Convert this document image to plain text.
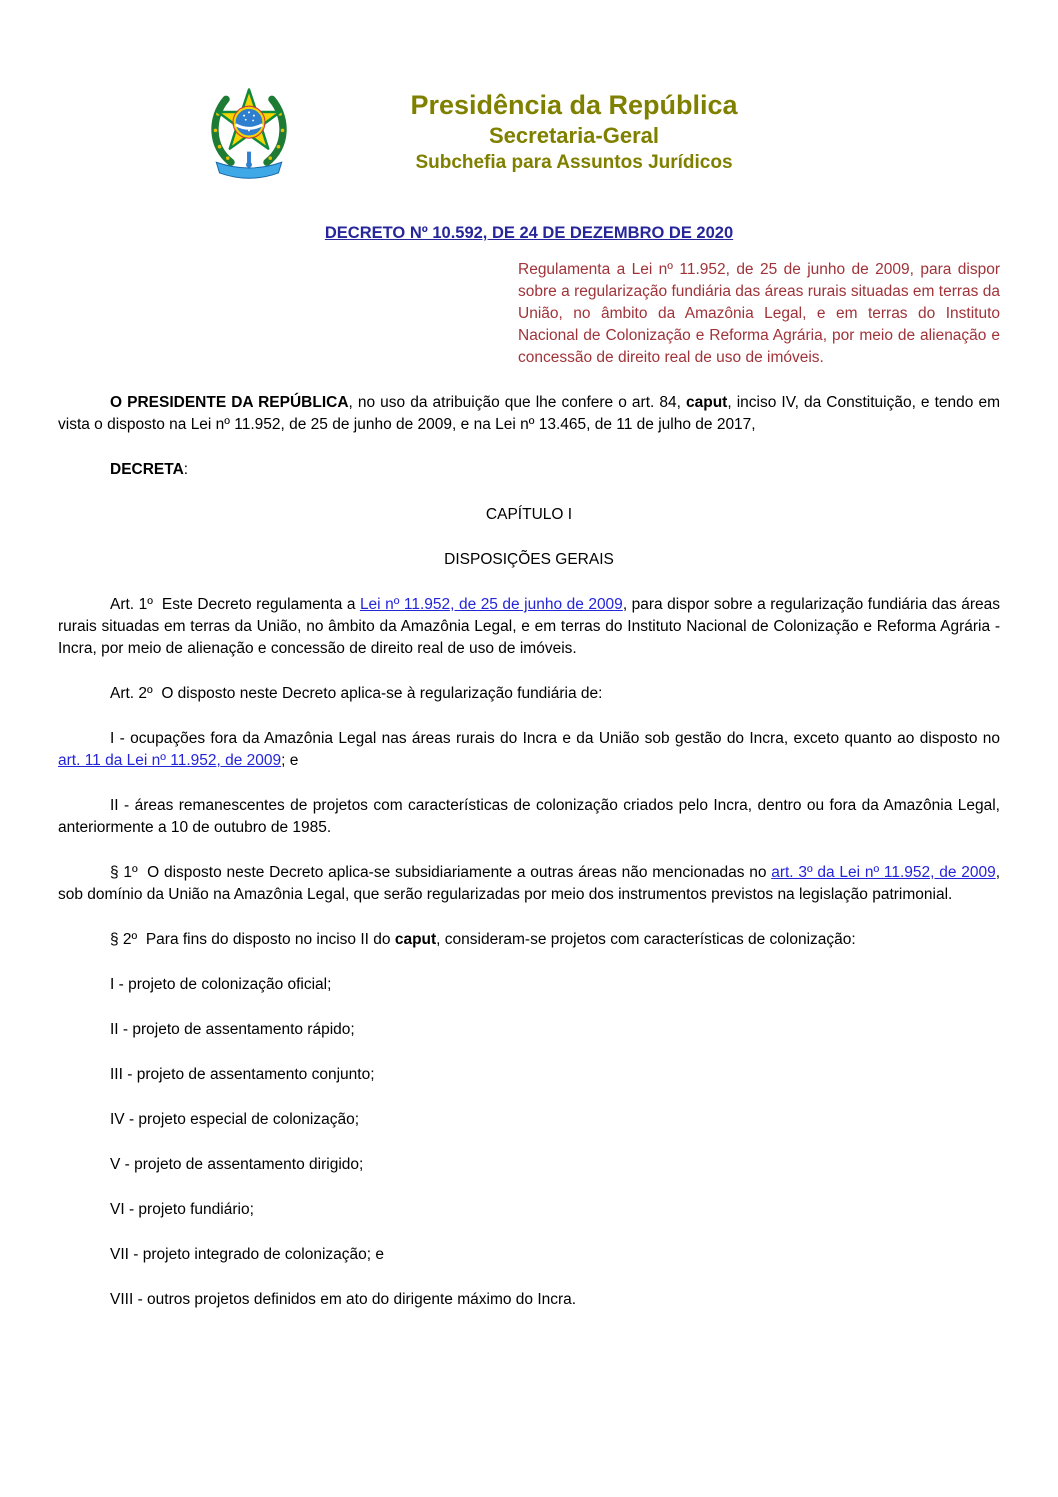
Presidência da República
Secretaria-Geral
Subchefia para Assuntos Jurídicos
DECRETO Nº 10.592, DE 24 DE DEZEMBRO DE 2020

Regulamenta a Lei nº 11.952, de 25 de junho de 2009, para dispor sobre a regularização fundiária das áreas rurais situadas em terras da União, no âmbito da Amazônia Legal, e em terras do Instituto Nacional de Colonização e Reforma Agrária, por meio de alienação e concessão de direito real de uso de imóveis.

O PRESIDENTE DA REPÚBLICA, no uso da atribuição que lhe confere o art. 84, caput, inciso IV, da Constituição, e tendo em vista o disposto na Lei nº 11.952, de 25 de junho de 2009, e na Lei nº 13.465, de 11 de julho de 2017,

DECRETA:

CAPÍTULO I

DISPOSIÇÕES GERAIS

Art. 1º  Este Decreto regulamenta a Lei nº 11.952, de 25 de junho de 2009, para dispor sobre a regularização fundiária das áreas rurais situadas em terras da União, no âmbito da Amazônia Legal, e em terras do Instituto Nacional de Colonização e Reforma Agrária - Incra, por meio de alienação e concessão de direito real de uso de imóveis.

Art. 2º  O disposto neste Decreto aplica-se à regularização fundiária de:

I - ocupações fora da Amazônia Legal nas áreas rurais do Incra e da União sob gestão do Incra, exceto quanto ao disposto no art. 11 da Lei nº 11.952, de 2009; e

II - áreas remanescentes de projetos com características de colonização criados pelo Incra, dentro ou fora da Amazônia Legal, anteriormente a 10 de outubro de 1985.

§ 1º  O disposto neste Decreto aplica-se subsidiariamente a outras áreas não mencionadas no art. 3º da Lei nº 11.952, de 2009, sob domínio da União na Amazônia Legal, que serão regularizadas por meio dos instrumentos previstos na legislação patrimonial.

§ 2º  Para fins do disposto no inciso II do caput, consideram-se projetos com características de colonização:

I - projeto de colonização oficial;

II - projeto de assentamento rápido;

III - projeto de assentamento conjunto;

IV - projeto especial de colonização;

V - projeto de assentamento dirigido;

VI - projeto fundiário;

VII - projeto integrado de colonização; e

VIII - outros projetos definidos em ato do dirigente máximo do Incra.
